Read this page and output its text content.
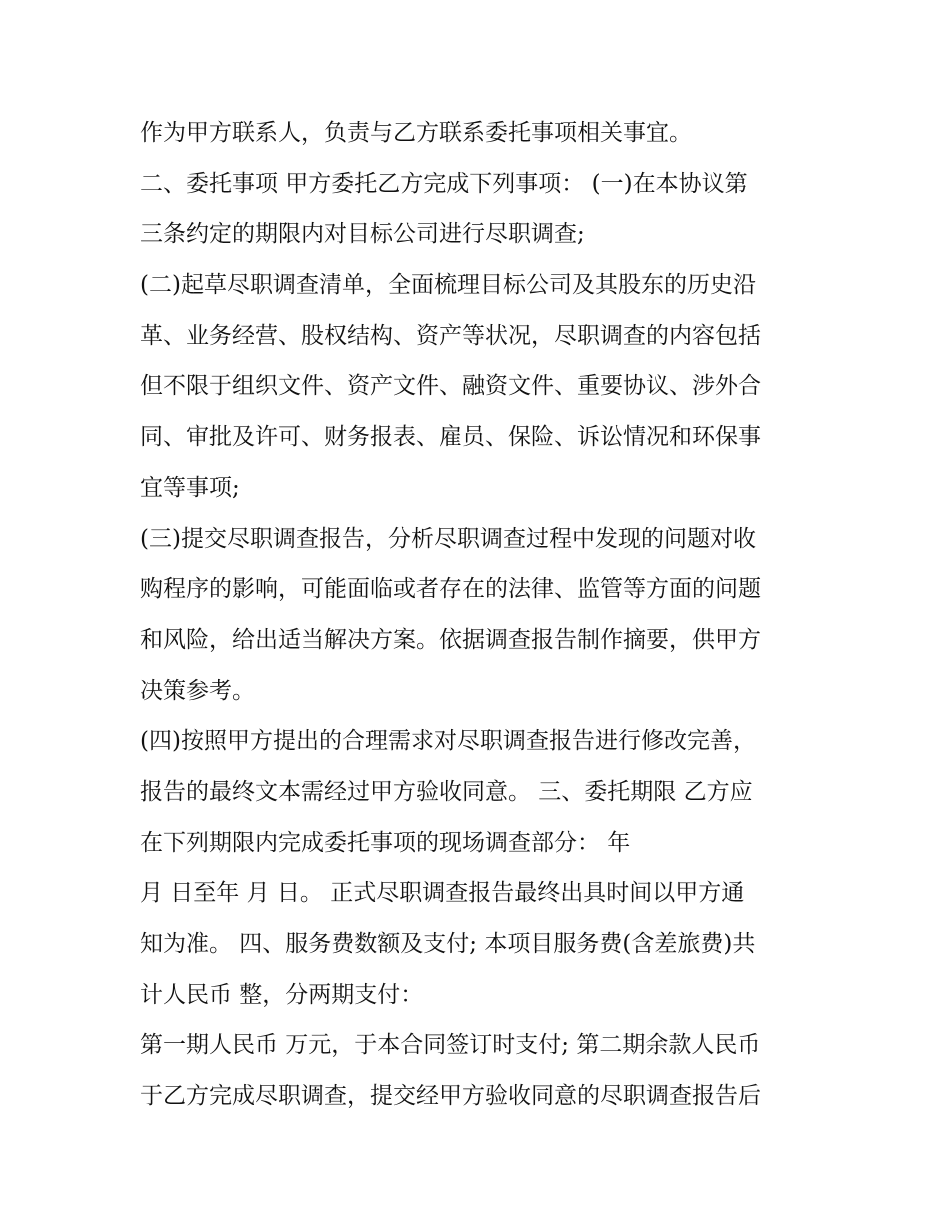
作为甲方联系人，负责与乙方联系委托事项相关事宜。
二、委托事项 甲方委托乙方完成下列事项： (一)在本协议第
三条约定的期限内对目标公司进行尽职调查;
(二)起草尽职调查清单，全面梳理目标公司及其股东的历史沿
革、业务经营、股权结构、资产等状况，尽职调查的内容包括
但不限于组织文件、资产文件、融资文件、重要协议、涉外合
同、审批及许可、财务报表、雇员、保险、诉讼情况和环保事
宜等事项;
(三)提交尽职调查报告，分析尽职调查过程中发现的问题对收
购程序的影响，可能面临或者存在的法律、监管等方面的问题
和风险，给出适当解决方案。依据调查报告制作摘要，供甲方
决策参考。
(四)按照甲方提出的合理需求对尽职调查报告进行修改完善，
报告的最终文本需经过甲方验收同意。 三、委托期限 乙方应
在下列期限内完成委托事项的现场调查部分： 年
月 日至年 月 日。 正式尽职调查报告最终出具时间以甲方通
知为准。 四、服务费数额及支付; 本项目服务费(含差旅费)共
计人民币 整，分两期支付：
第一期人民币 万元，于本合同签订时支付; 第二期余款人民币
于乙方完成尽职调查，提交经甲方验收同意的尽职调查报告后
